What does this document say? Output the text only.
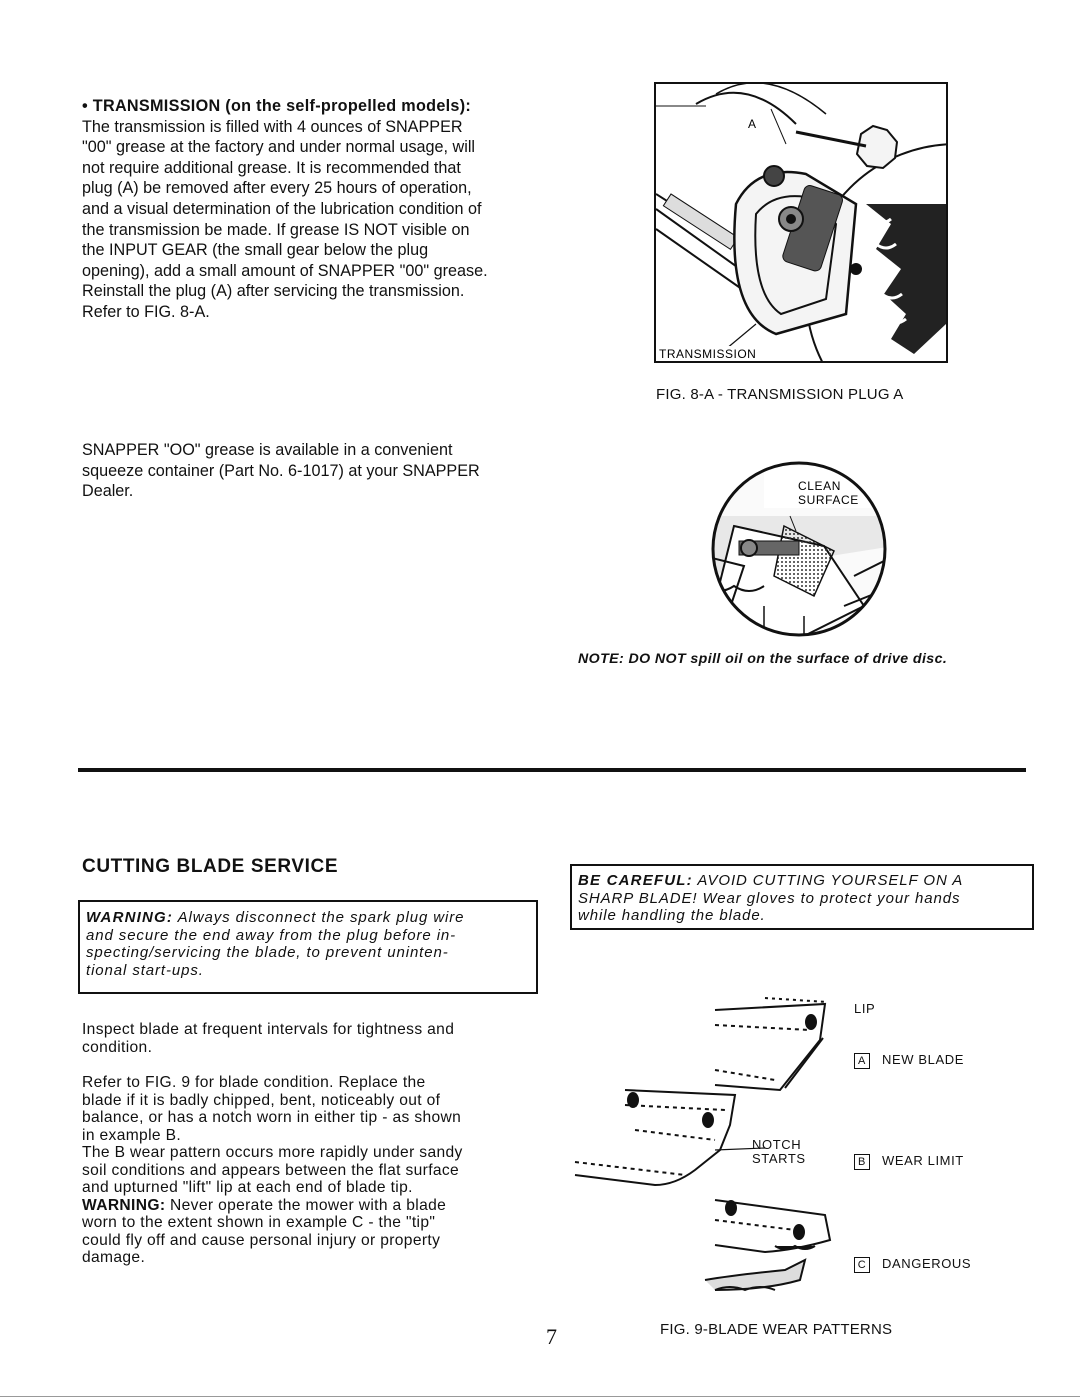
• TRANSMISSION (on the self-propelled models):
The transmission is filled with 4 ounces of SNAPPER
"00" grease at the factory and under normal usage, will
not require additional grease. It is recommended that
plug (A) be removed after every 25 hours of operation,
and a visual determination of the lubrication condition of
the transmission be made. If grease IS NOT visible on
the INPUT GEAR (the small gear below the plug
opening), add a small amount of SNAPPER "00" grease.
Reinstall the plug (A) after servicing the transmission.
Refer to FIG. 8-A.
SNAPPER "OO" grease is available in a convenient
squeeze container (Part No. 6-1017) at your SNAPPER
Dealer.
A
TRANSMISSION
FIG. 8-A - TRANSMISSION PLUG A
CLEAN
SURFACE
NOTE: DO NOT spill oil on the surface of drive disc.
CUTTING BLADE SERVICE
WARNING: Always disconnect the spark plug wire
and secure the end away from the plug before in-
specting/servicing the blade, to prevent uninten-
tional start-ups.
BE CAREFUL: AVOID CUTTING YOURSELF ON A
SHARP BLADE! Wear gloves to protect your hands
while handling the blade.

Inspect blade at frequent intervals for tightness and

condition.

Refer to FIG. 9 for blade condition. Replace the

blade if it is badly chipped, bent, noticeably out of

balance, or has a notch worn in either tip - as shown

in example B.

The B wear pattern occurs more rapidly under sandy

soil conditions and appears between the flat surface

and upturned "lift" lip at each end of blade tip.

WARNING: Never operate the mower with a blade

worn to the extent shown in example C - the "tip"

could fly off and cause personal injury or property

damage.

LIP
NOTCH
STARTS
A NEW BLADE
B WEAR LIMIT
C DANGEROUS
FIG. 9-BLADE WEAR PATTERNS
7
